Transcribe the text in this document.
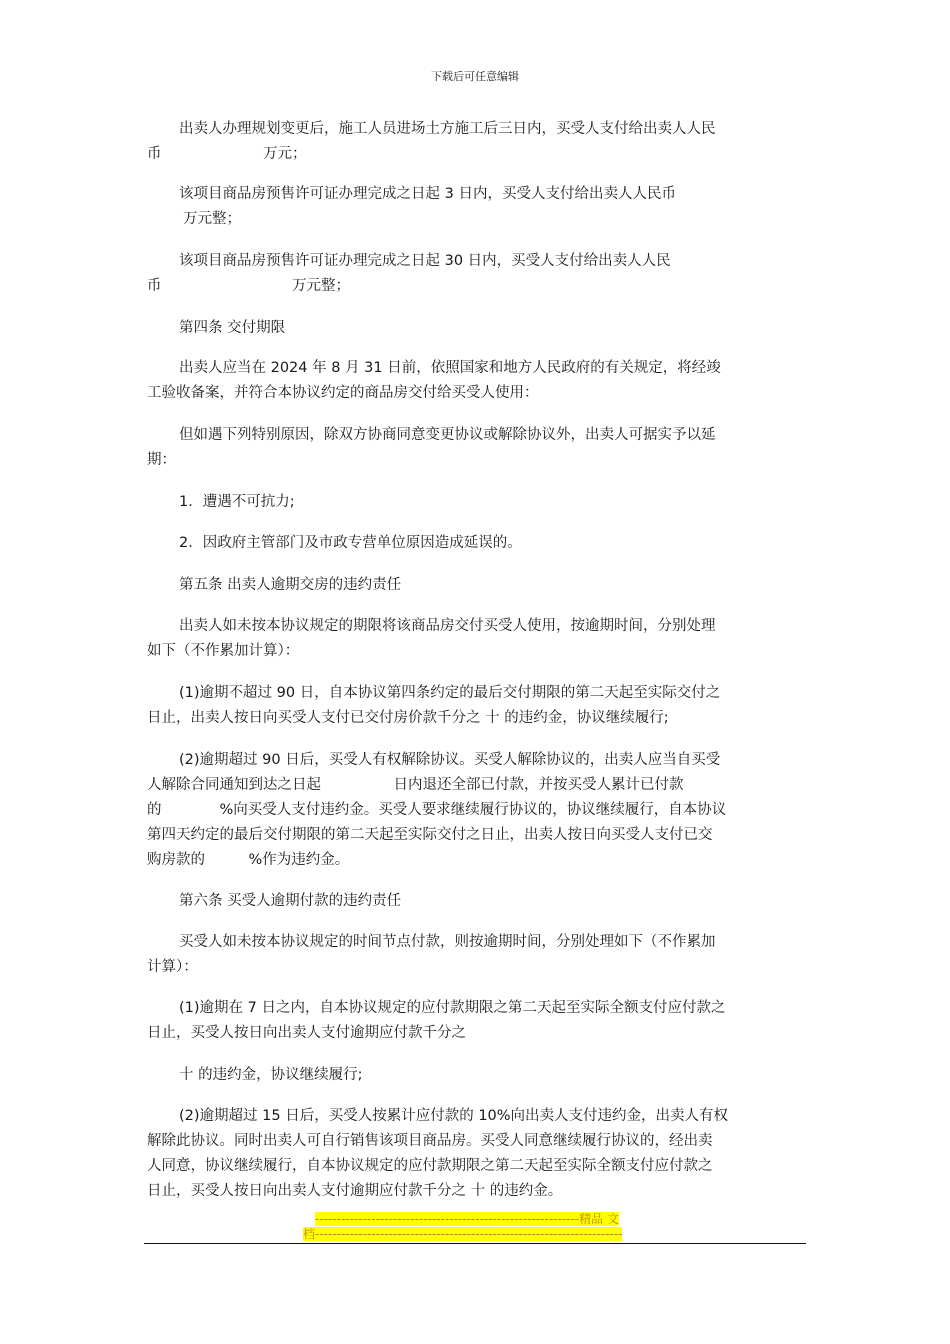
下载后可任意编辑
出卖人办理规划变更后，施工人员进场土方施工后三日内，买受人支付给出卖人人民
币　　　　　　　万元；
该项目商品房预售许可证办理完成之日起 3 日内，买受人支付给出卖人人民币
万元整；
该项目商品房预售许可证办理完成之日起 30 日内，买受人支付给出卖人人民
币　　　　　　　　　万元整；
第四条 交付期限
出卖人应当在 2024 年 8 月 31 日前，依照国家和地方人民政府的有关规定，将经竣
工验收备案，并符合本协议约定的商品房交付给买受人使用：
但如遇下列特别原因，除双方协商同意变更协议或解除协议外，出卖人可据实予以延
期：
1．遭遇不可抗力;
2．因政府主管部门及市政专营单位原因造成延误的。
第五条 出卖人逾期交房的违约责任
出卖人如未按本协议规定的期限将该商品房交付买受人使用，按逾期时间，分别处理
如下（不作累加计算）：
(1)逾期不超过 90 日，自本协议第四条约定的最后交付期限的第二天起至实际交付之
日止，出卖人按日向买受人支付已交付房价款千分之 十 的违约金，协议继续履行;
(2)逾期超过 90 日后，买受人有权解除协议。买受人解除协议的，出卖人应当自买受
人解除合同通知到达之日起　　　　　日内退还全部已付款，并按买受人累计已付款
的　　　　%向买受人支付违约金。买受人要求继续履行协议的，协议继续履行，自本协议
第四天约定的最后交付期限的第二天起至实际交付之日止，出卖人按日向买受人支付已交
购房款的　　　%作为违约金。
第六条 买受人逾期付款的违约责任
买受人如未按本协议规定的时间节点付款，则按逾期时间，分别处理如下（不作累加
计算）：
(1)逾期在 7 日之内，自本协议规定的应付款期限之第二天起至实际全额支付应付款之
日止，买受人按日向出卖人支付逾期应付款千分之
十 的违约金，协议继续履行;
(2)逾期超过 15 日后，买受人按累计应付款的 10%向出卖人支付违约金，出卖人有权
解除此协议。同时出卖人可自行销售该项目商品房。买受人同意继续履行协议的，经出卖
人同意，协议继续履行，自本协议规定的应付款期限之第二天起至实际全额支付应付款之
日止，买受人按日向出卖人支付逾期应付款千分之 十 的违约金。
-------------------------------------------------------------精品 文
档-----------------------------------------------------------------------
